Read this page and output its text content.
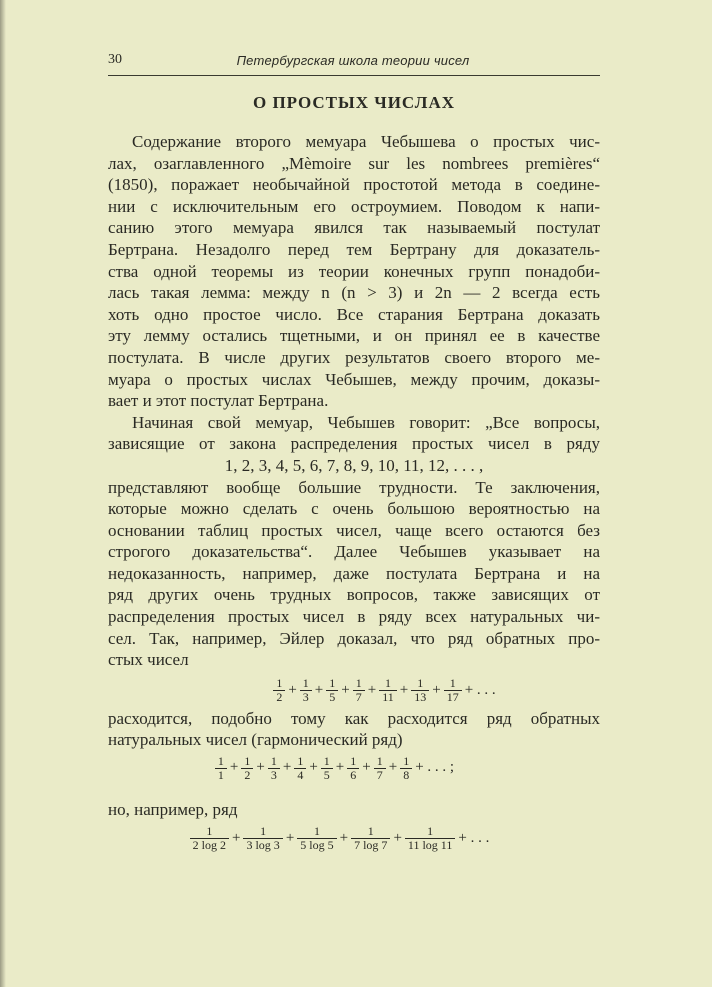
30	Петербургская школа теории чисел
О ПРОСТЫХ ЧИСЛАХ
Содержание второго мемуара Чебышева о простых чис-
лах, озаглавленного „Mèmoire sur les nombrees premières“
(1850), поражает необычайной простотой метода в соедине-
нии с исключительным его остроумием. Поводом к напи-
санию этого мемуара явился так называемый постулат
Бертрана. Незадолго перед тем Бертрану для доказатель-
ства одной теоремы из теории конечных групп понадоби-
лась такая лемма: между n (n > 3) и 2n — 2 всегда есть
хоть одно простое число. Все старания Бертрана доказать
эту лемму остались тщетными, и он принял ее в качестве
постулата. В числе других результатов своего второго ме-
муара о простых числах Чебышев, между прочим, доказы-
вает и этот постулат Бертрана.
Начиная свой мемуар, Чебышев говорит: „Все вопросы,
зависящие от закона распределения простых чисел в ряду
1, 2, 3, 4, 5, 6, 7, 8, 9, 10, 11, 12, . . . ,
представляют вообще большие трудности. Те заключения,
которые можно сделать с очень большою вероятностью на
основании таблиц простых чисел, чаще всего остаются без
строгого доказательства“. Далее Чебышев указывает на
недоказанность, например, даже постулата Бертрана и на
ряд других очень трудных вопросов, также зависящих от
распределения простых чисел в ряду всех натуральных чи-
сел. Так, например, Эйлер доказал, что ряд обратных про-
стых чисел
$\frac{1}{2} + \frac{1}{3} + \frac{1}{5} + \frac{1}{7} + \frac{1}{11} + \frac{1}{13} + \frac{1}{17}$ + . . .
расходится, подобно тому как расходится ряд обратных
натуральных чисел (гармонический ряд)
$\frac{1}{1} + \frac{1}{2} + \frac{1}{3} + \frac{1}{4} + \frac{1}{5} + \frac{1}{6} + \frac{1}{7} + \frac{1}{8}$ + . . . ;
но, например, ряд
$\frac{1}{2 \log 2} + \frac{1}{3 \log 3} + \frac{1}{5 \log 5} + \frac{1}{7 \log 7} + \frac{1}{11 \log 11}$ + . . .
